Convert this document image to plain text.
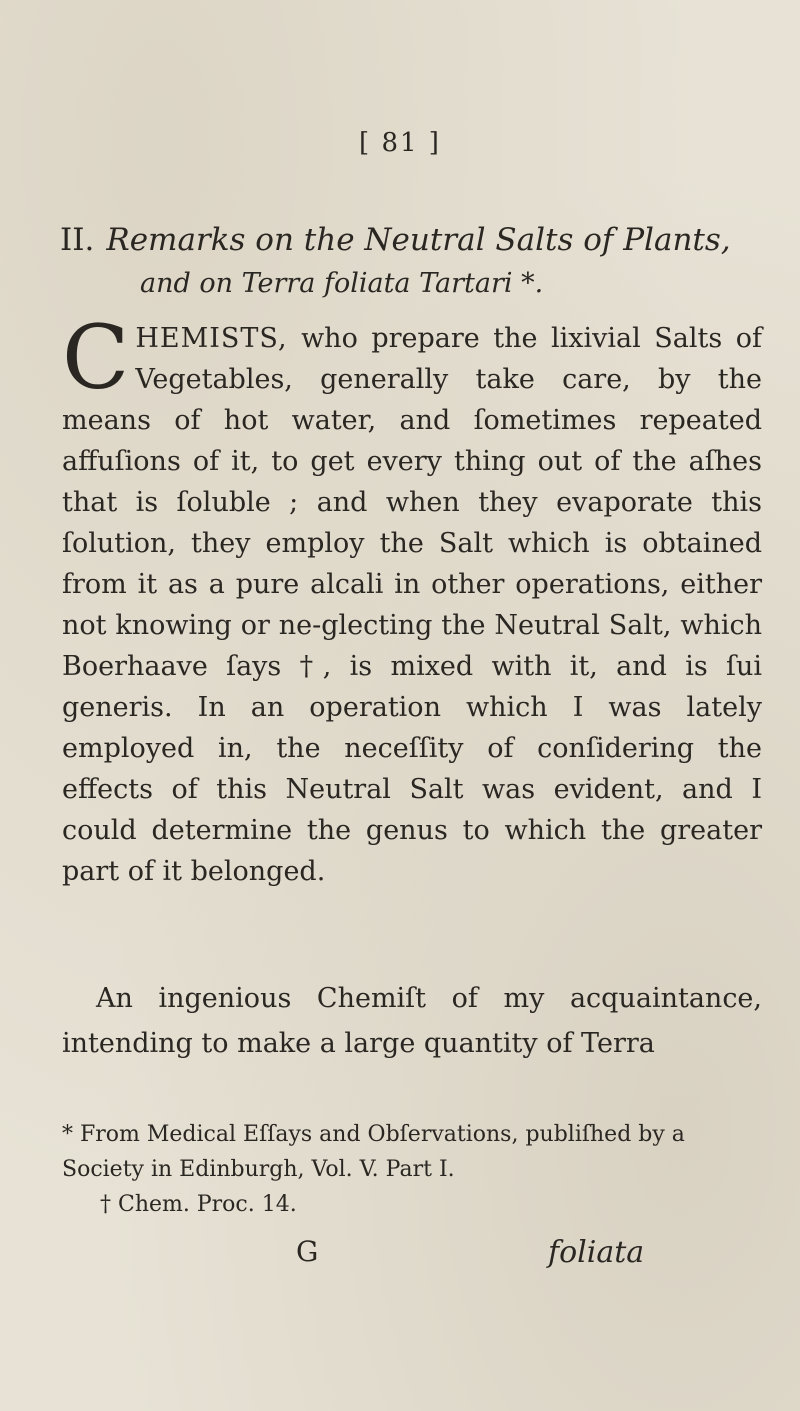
[ 81 ]
II. Remarks on the Neutral Salts of Plants,
and on Terra foliata Tartari *.
CHEMISTS, who prepare the lixivial Salts of Vegetables, generally take care, by the means of hot water, and ſometimes repeated affuſions of it, to get every thing out of the aſhes that is ſoluble ; and when they evaporate this ſolution, they employ the Salt which is obtained from it as a pure alcali in other operations, either not knowing or ne-glecting the Neutral Salt, which Boerhaave ſays †, is mixed with it, and is ſui generis. In an operation which I was lately employed in, the neceſſity of conſidering the effects of this Neutral Salt was evident, and I could determine the genus to which the greater part of it belonged.
An ingenious Chemiſt of my acquaintance, intending to make a large quantity of Terra
* From Medical Eſſays and Obſervations, publiſhed by a Society in Edinburgh, Vol. V. Part I.
† Chem. Proc. 14.
G	foliata
